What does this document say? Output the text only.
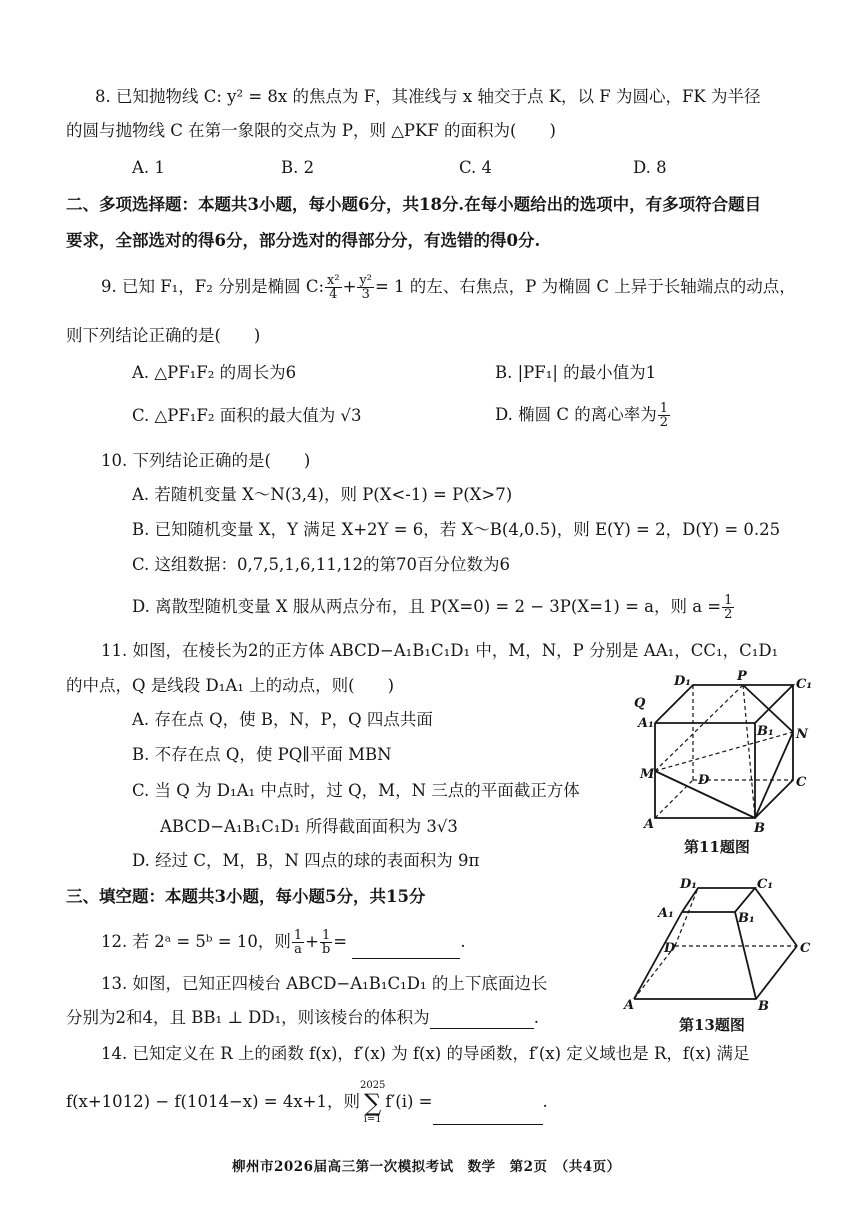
8. 已知抛物线 C: y² = 8x 的焦点为 F，其准线与 x 轴交于点 K，以 F 为圆心，FK 为半径
的圆与抛物线 C 在第一象限的交点为 P，则 △PKF 的面积为(　　)
A. 1	B. 2	C. 4	D. 8
二、多项选择题：本题共3小题，每小题6分，共18分.在每小题给出的选项中，有多项符合题目
要求，全部选对的得6分，部分选对的得部分分，有选错的得0分.
9. 已知 F₁，F₂ 分别是椭圆 C: $\frac{\text{x²}}{4} + \frac{\text{y²}}{3} = 1$ 的左、右焦点，P 为椭圆 C 上异于长轴端点的动点，
则下列结论正确的是(　　)
A. △PF₁F₂ 的周长为6	B. |PF₁| 的最小值为1
C. △PF₁F₂ 面积的最大值为 √3	D. 椭圆 C 的离心率为 $\frac{1}{2}$
10. 下列结论正确的是(　　)
A. 若随机变量 X～N(3,4)，则 P(X<-1) = P(X>7)
B. 已知随机变量 X，Y 满足 X+2Y = 6，若 X～B(4,0.5)，则 E(Y) = 2，D(Y) = 0.25
C. 这组数据：0,7,5,1,6,11,12的第70百分位数为6
D. 离散型随机变量 X 服从两点分布，且 P(X=0) = 2 − 3P(X=1) = a，则 $a = \frac{1}{2}$
11. 如图，在棱长为2的正方体 ABCD−A₁B₁C₁D₁ 中，M，N，P 分别是 AA₁，CC₁，C₁D₁
的中点，Q 是线段 D₁A₁ 上的动点，则(　　)
A. 存在点 Q，使 B，N，P，Q 四点共面
B. 不存在点 Q，使 PQ∥平面 MBN
C. 当 Q 为 D₁A₁ 中点时，过 Q，M，N 三点的平面截正方体
ABCD−A₁B₁C₁D₁ 所得截面面积为 3√3
D. 经过 C，M，B，N 四点的球的表面积为 9π
D₁	P
C₁
Q
A₁
B₁ N
M	D	C
A	B
第11题图
三、填空题：本题共3小题，每小题5分，共15分
12. 若 2ᵃ = 5ᵇ = 10，则 $\frac{1}{a} + \frac{1}{b}$ =	.
13. 如图，已知正四棱台 ABCD−A₁B₁C₁D₁ 的上下底面边长
分别为2和4，且 BB₁ ⊥ DD₁，则该棱台的体积为	.
D₁	C₁
A₁	B₁
D	C
A	B
第13题图
14. 已知定义在 R 上的函数 f(x)，f′(x) 为 f(x) 的导函数，f′(x) 定义域也是 R，f(x) 满足
f(x+1012) − f(1014−x) = 4x+1，则
2025
∑
i=1
f′(i) =	.
柳州市2026届高三第一次模拟考试　数学　第2页　（共4页）
